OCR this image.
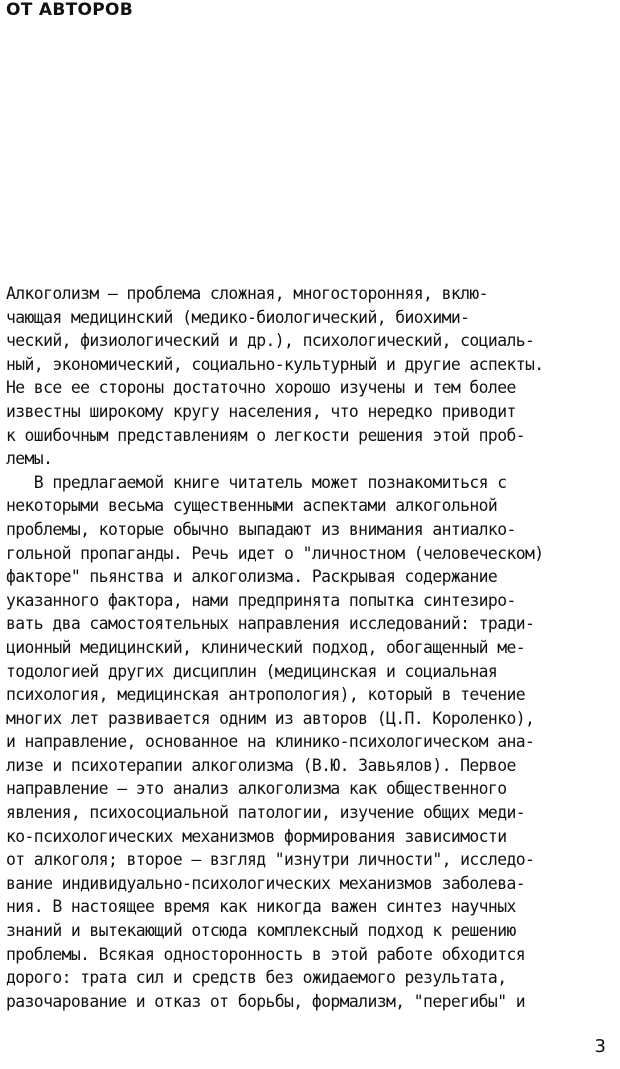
ОТ АВТОРОВ
Алкоголизм – проблема сложная, многосторонняя, вклю-
чающая медицинский (медико-биологический, биохими-
ческий, физиологический и др.), психологический, социаль-
ный, экономический, социально-культурный и другие аспекты.
Не все ее стороны достаточно хорошо изучены и тем более
известны широкому кругу населения, что нередко приводит
к ошибочным представлениям о легкости решения этой проб-
лемы.
В предлагаемой книге читатель может познакомиться с
некоторыми весьма существенными аспектами алкогольной
проблемы, которые обычно выпадают из внимания антиалко-
гольной пропаганды. Речь идет о "личностном (человеческом)
факторе" пьянства и алкоголизма. Раскрывая содержание
указанного фактора, нами предпринята попытка синтезиро-
вать два самостоятельных направления исследований: тради-
ционный медицинский, клинический подход, обогащенный ме-
тодологией других дисциплин (медицинская и социальная
психология, медицинская антропология), который в течение
многих лет развивается одним из авторов (Ц.П. Короленко),
и направление, основанное на клинико-психологическом ана-
лизе и психотерапии алкоголизма (В.Ю. Завьялов). Первое
направление – это анализ алкоголизма как общественного
явления, психосоциальной патологии, изучение общих меди-
ко-психологических механизмов формирования зависимости
от алкоголя; второе – взгляд "изнутри личности", исследо-
вание индивидуально-психологических механизмов заболева-
ния. В настоящее время как никогда важен синтез научных
знаний и вытекающий отсюда комплексный подход к решению
проблемы. Всякая односторонность в этой работе обходится
дорого: трата сил и средств без ожидаемого результата,
разочарование и отказ от борьбы, формализм, "перегибы" и
3
